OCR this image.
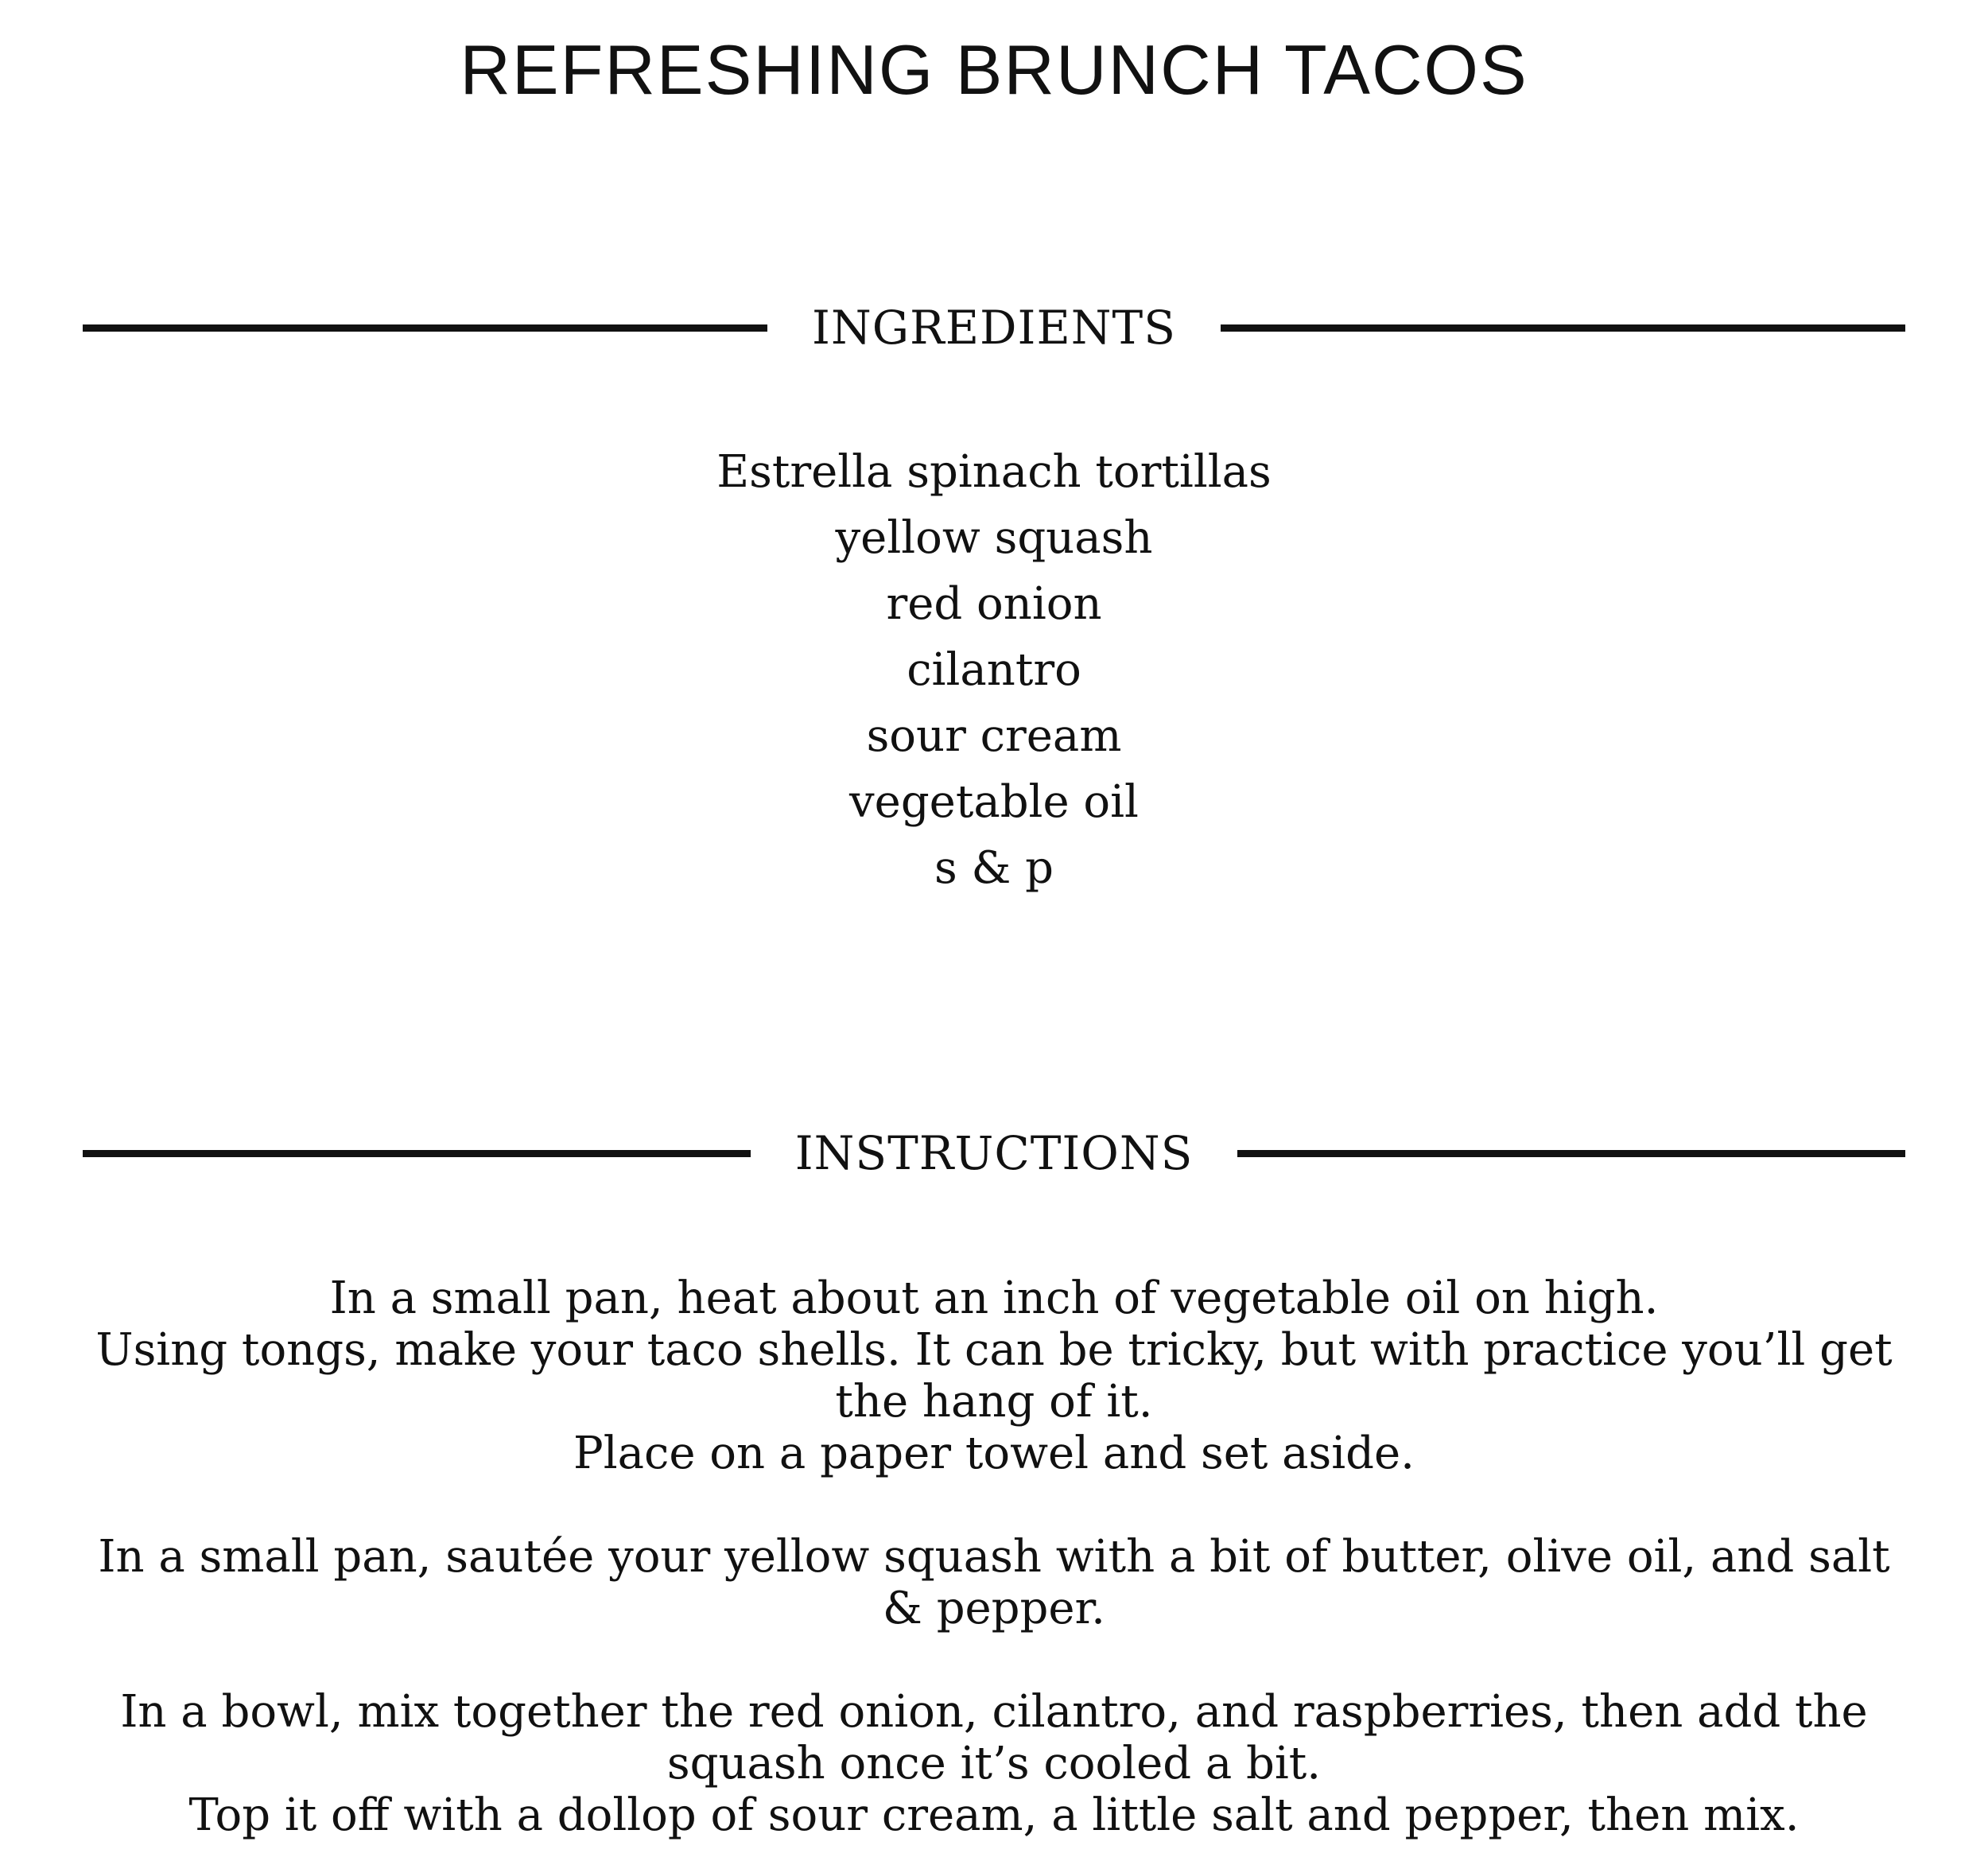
REFRESHING BRUNCH TACOS
INGREDIENTS
Estrella spinach tortillas
yellow squash
red onion
cilantro
sour cream
vegetable oil
s & p
INSTRUCTIONS

In a small pan, heat about an inch of vegetable oil on high.
Using tongs, make your taco shells. It can be tricky, but with practice you’ll get the hang of it.
Place on a paper towel and set aside.

In a small pan, sautée your yellow squash with a bit of butter, olive oil, and salt & pepper.

In a bowl, mix together the red onion, cilantro, and raspberries, then add the squash once it’s cooled a bit.
Top it off with a dollop of sour cream, a little salt and pepper, then mix.
